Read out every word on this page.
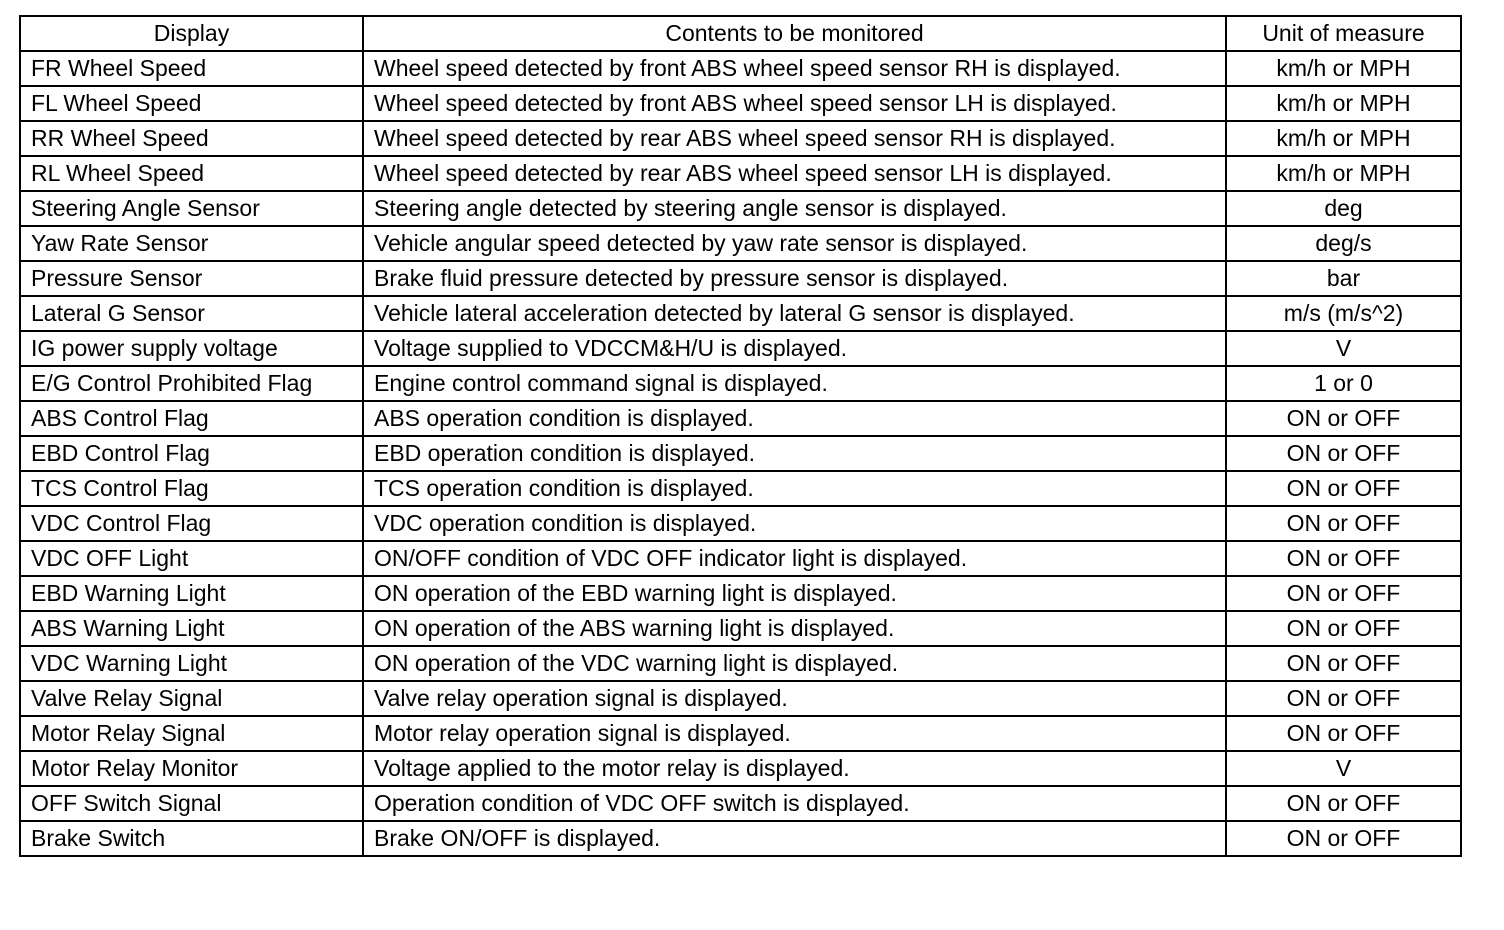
Display	Contents to be monitored	Unit of measure
FR Wheel Speed	Wheel speed detected by front ABS wheel speed sensor RH is displayed.	km/h or MPH
FL Wheel Speed	Wheel speed detected by front ABS wheel speed sensor LH is displayed.	km/h or MPH
RR Wheel Speed	Wheel speed detected by rear ABS wheel speed sensor RH is displayed.	km/h or MPH
RL Wheel Speed	Wheel speed detected by rear ABS wheel speed sensor LH is displayed.	km/h or MPH
Steering Angle Sensor	Steering angle detected by steering angle sensor is displayed.	deg
Yaw Rate Sensor	Vehicle angular speed detected by yaw rate sensor is displayed.	deg/s
Pressure Sensor	Brake fluid pressure detected by pressure sensor is displayed.	bar
Lateral G Sensor	Vehicle lateral acceleration detected by lateral G sensor is displayed.	m/s (m/s^2)
IG power supply voltage	Voltage supplied to VDCCM&H/U is displayed.	V
E/G Control Prohibited Flag	Engine control command signal is displayed.	1 or 0
ABS Control Flag	ABS operation condition is displayed.	ON or OFF
EBD Control Flag	EBD operation condition is displayed.	ON or OFF
TCS Control Flag	TCS operation condition is displayed.	ON or OFF
VDC Control Flag	VDC operation condition is displayed.	ON or OFF
VDC OFF Light	ON/OFF condition of VDC OFF indicator light is displayed.	ON or OFF
EBD Warning Light	ON operation of the EBD warning light is displayed.	ON or OFF
ABS Warning Light	ON operation of the ABS warning light is displayed.	ON or OFF
VDC Warning Light	ON operation of the VDC warning light is displayed.	ON or OFF
Valve Relay Signal	Valve relay operation signal is displayed.	ON or OFF
Motor Relay Signal	Motor relay operation signal is displayed.	ON or OFF
Motor Relay Monitor	Voltage applied to the motor relay is displayed.	V
OFF Switch Signal	Operation condition of VDC OFF switch is displayed.	ON or OFF
Brake Switch	Brake ON/OFF is displayed.	ON or OFF
